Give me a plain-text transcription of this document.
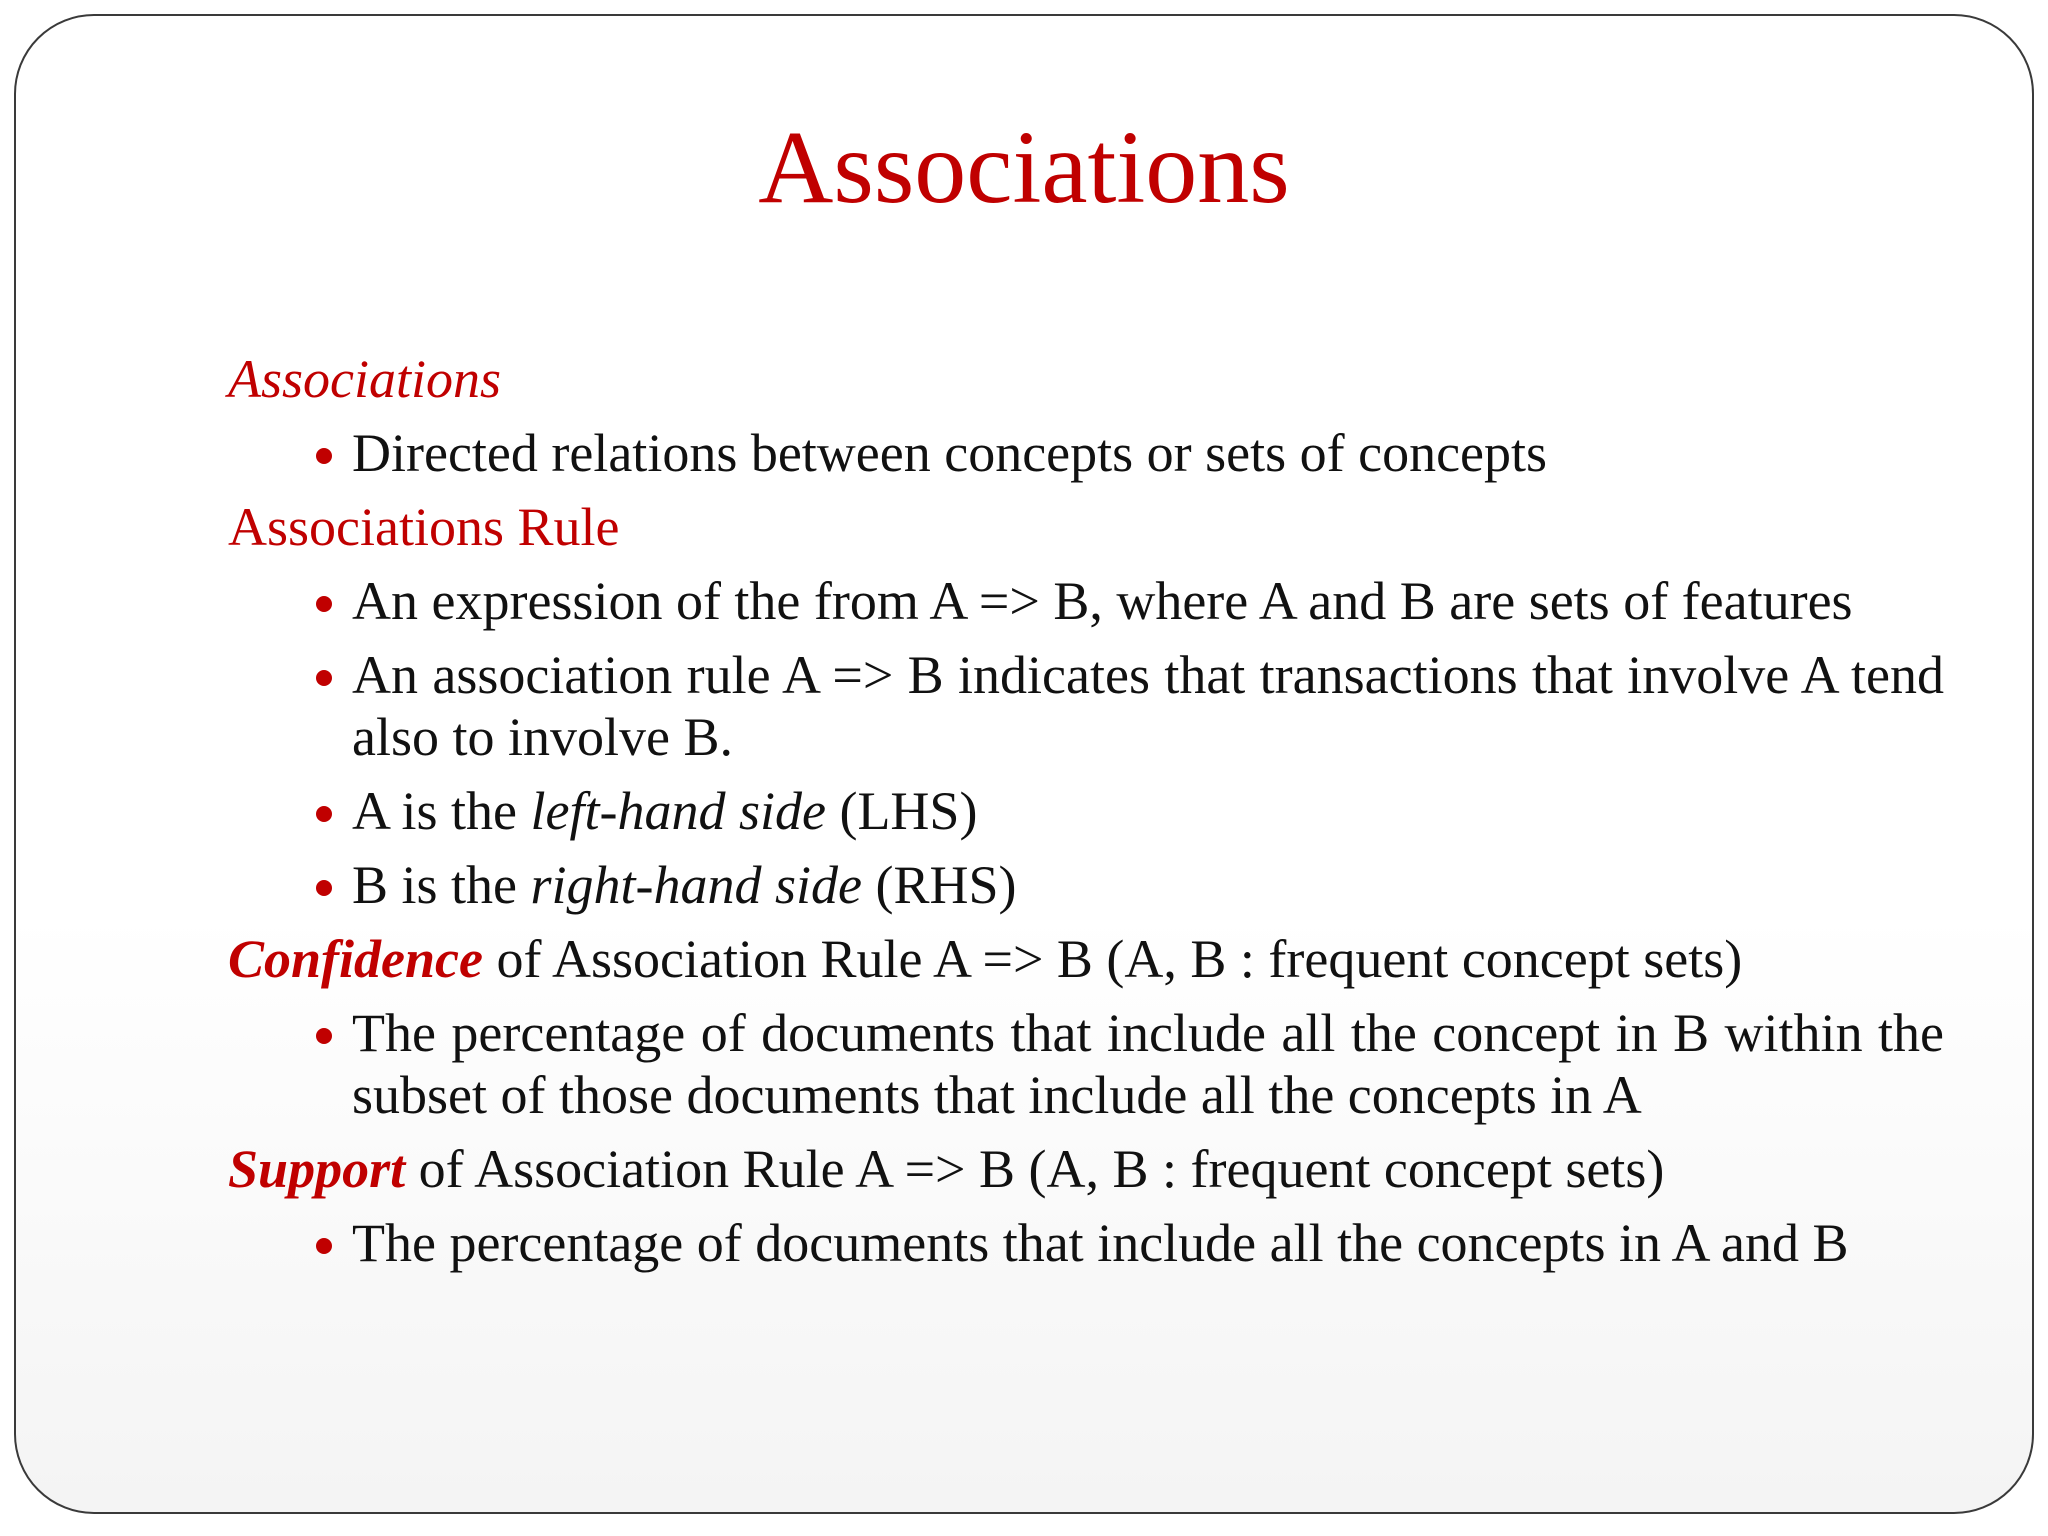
Associations

Associations

Directed relations between concepts or sets of concepts

Associations Rule

An expression of the from A => B, where A and B are sets of features
An association rule A => B indicates that transactions that involve A tend also to involve B.
A is the left-hand side (LHS)
B is the right-hand side (RHS)

Confidence of Association Rule A => B (A, B : frequent concept sets)

The percentage of documents that include all the concept in B within the subset of those documents that include all the concepts in A

Support of Association Rule A => B (A, B : frequent concept sets)

The percentage of documents that include all the concepts in A and B
